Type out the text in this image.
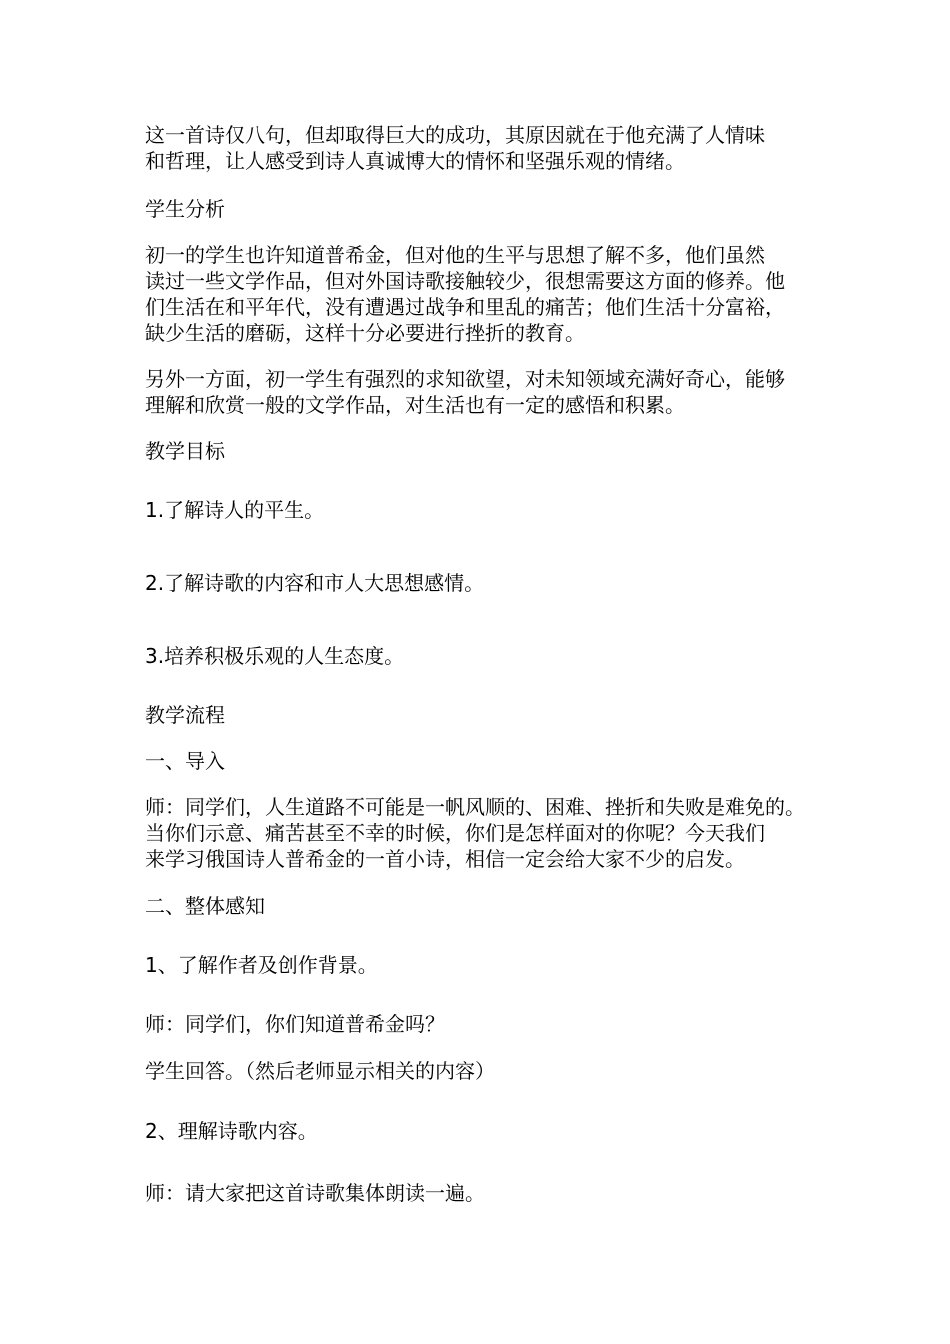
这一首诗仅八句，但却取得巨大的成功，其原因就在于他充满了人情味
和哲理，让人感受到诗人真诚博大的情怀和坚强乐观的情绪。
学生分析
初一的学生也许知道普希金，但对他的生平与思想了解不多，他们虽然
读过一些文学作品，但对外国诗歌接触较少，很想需要这方面的修养。他
们生活在和平年代，没有遭遇过战争和里乱的痛苦；他们生活十分富裕，
缺少生活的磨砺，这样十分必要进行挫折的教育。
另外一方面，初一学生有强烈的求知欲望，对未知领域充满好奇心，能够
理解和欣赏一般的文学作品，对生活也有一定的感悟和积累。
教学目标
1.了解诗人的平生。
2.了解诗歌的内容和市人大思想感情。
3.培养积极乐观的人生态度。
教学流程
一、导入
师：同学们，人生道路不可能是一帆风顺的、困难、挫折和失败是难免的。
当你们示意、痛苦甚至不幸的时候，你们是怎样面对的你呢？今天我们
来学习俄国诗人普希金的一首小诗，相信一定会给大家不少的启发。
二、整体感知
1、了解作者及创作背景。
师：同学们，你们知道普希金吗？
学生回答。（然后老师显示相关的内容）
2、理解诗歌内容。
师：请大家把这首诗歌集体朗读一遍。
